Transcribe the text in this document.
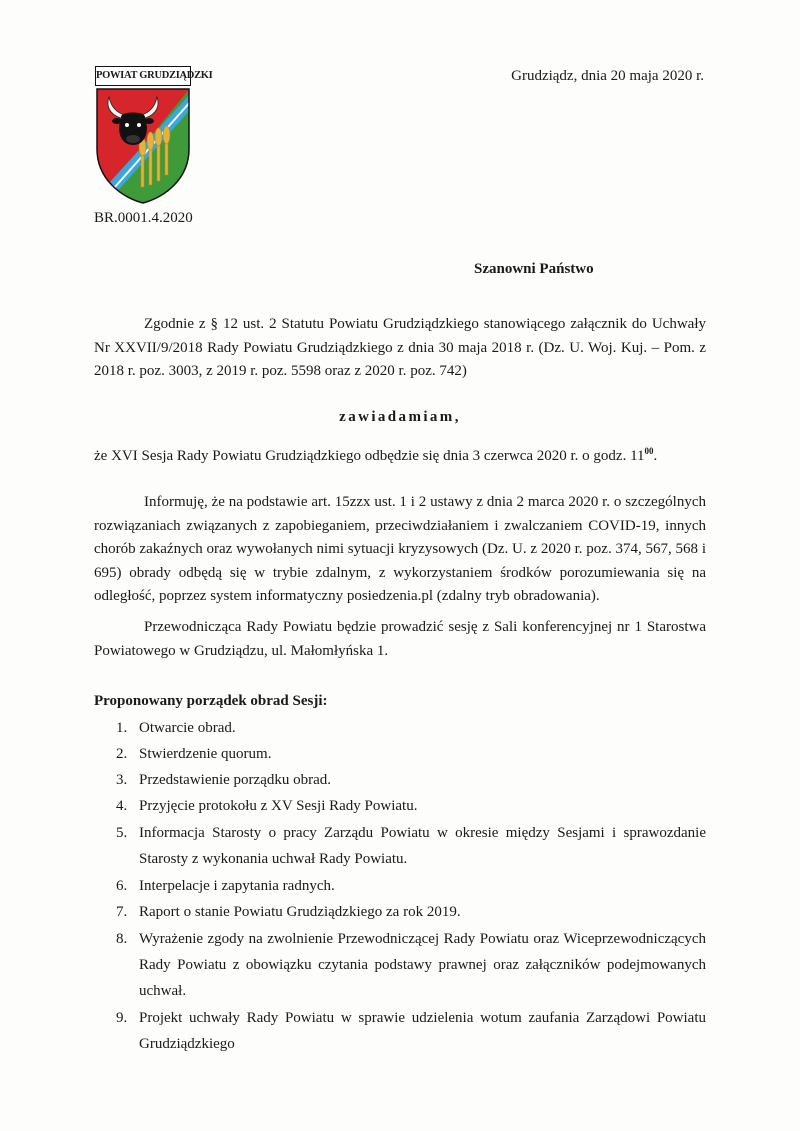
POWIAT GRUDZIĄDZKI	Grudziądz, dnia 20 maja 2020 r.
BR.0001.4.2020
Szanowni Państwo

Zgodnie z § 12 ust. 2 Statutu Powiatu Grudziądzkiego stanowiącego załącznik do Uchwały Nr XXVII/9/2018 Rady Powiatu Grudziądzkiego z dnia 30 maja 2018 r. (Dz. U. Woj. Kuj. – Pom. z 2018 r. poz. 3003, z 2019 r. poz. 5598 oraz z 2020 r. poz. 742)

zawiadamiam,

że XVI Sesja Rady Powiatu Grudziądzkiego odbędzie się dnia 3 czerwca 2020 r. o godz. $11^{00}$.

Informuję, że na podstawie art. 15zzx ust. 1 i 2 ustawy z dnia 2 marca 2020 r. o szczególnych rozwiązaniach związanych z zapobieganiem, przeciwdziałaniem i zwalczaniem COVID-19, innych chorób zakaźnych oraz wywołanych nimi sytuacji kryzysowych (Dz. U. z 2020 r. poz. 374, 567, 568 i 695) obrady odbędą się w trybie zdalnym, z wykorzystaniem środków porozumiewania się na odległość, poprzez system informatyczny posiedzenia.pl (zdalny tryb obradowania).

Przewodnicząca Rady Powiatu będzie prowadzić sesję z Sali konferencyjnej nr 1 Starostwa Powiatowego w Grudziądzu, ul. Małomłyńska 1.

Proponowany porządek obrad Sesji:
1. Otwarcie obrad.
2. Stwierdzenie quorum.
3. Przedstawienie porządku obrad.
4. Przyjęcie protokołu z XV Sesji Rady Powiatu.
5. Informacja Starosty o pracy Zarządu Powiatu w okresie między Sesjami i sprawozdanie Starosty z wykonania uchwał Rady Powiatu.
6. Interpelacje i zapytania radnych.
7. Raport o stanie Powiatu Grudziądzkiego za rok 2019.
8. Wyrażenie zgody na zwolnienie Przewodniczącej Rady Powiatu oraz Wiceprzewodniczących Rady Powiatu z obowiązku czytania podstawy prawnej oraz załączników podejmowanych uchwał.
9. Projekt uchwały Rady Powiatu w sprawie udzielenia wotum zaufania Zarządowi Powiatu Grudziądzkiego
